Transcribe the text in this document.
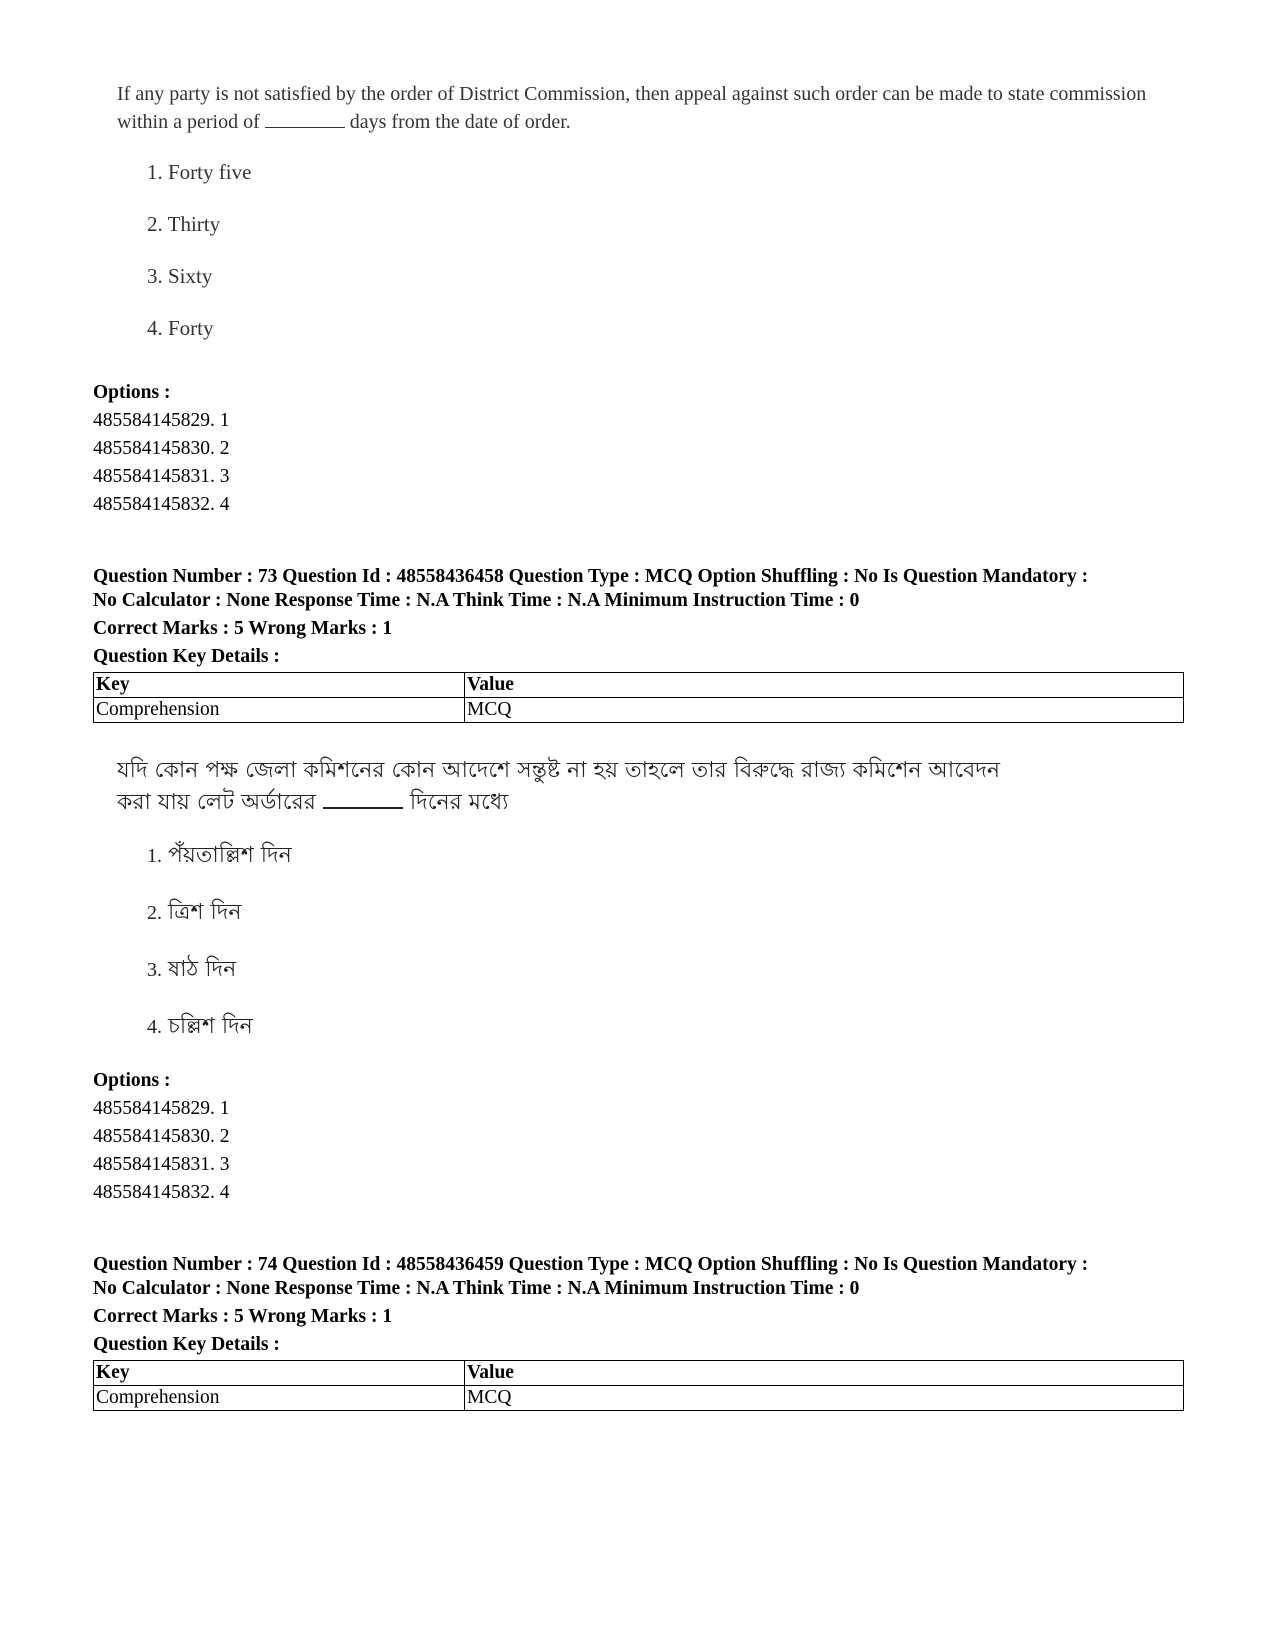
If any party is not satisfied by the order of District Commission, then appeal against such order can be made to state commission within a period of	days from the date of order.
1. Forty five
2. Thirty
3. Sixty
4. Forty
Options :
485584145829. 1
485584145830. 2
485584145831. 3
485584145832. 4
Question Number : 73 Question Id : 48558436458 Question Type : MCQ Option Shuffling : No Is Question Mandatory :
No Calculator : None Response Time : N.A Think Time : N.A Minimum Instruction Time : 0
Correct Marks : 5 Wrong Marks : 1
Question Key Details :
Key	Value
Comprehension	MCQ
যদি কোন পক্ষ জেলা কমিশনের কোন আদেশে সন্তুষ্ট না হয় তাহলে তার বিরুদ্ধে রাজ্য কমিশেন আবেদন
করা যায় লেট অর্ডারের	দিনের মধ্যে
1. পঁয়তাল্লিশ দিন
2. ত্রিশ দিন
3. ষাঠ দিন
4. চল্লিশ দিন
Options :
485584145829. 1
485584145830. 2
485584145831. 3
485584145832. 4
Question Number : 74 Question Id : 48558436459 Question Type : MCQ Option Shuffling : No Is Question Mandatory :
No Calculator : None Response Time : N.A Think Time : N.A Minimum Instruction Time : 0
Correct Marks : 5 Wrong Marks : 1
Question Key Details :
Key	Value
Comprehension	MCQ
